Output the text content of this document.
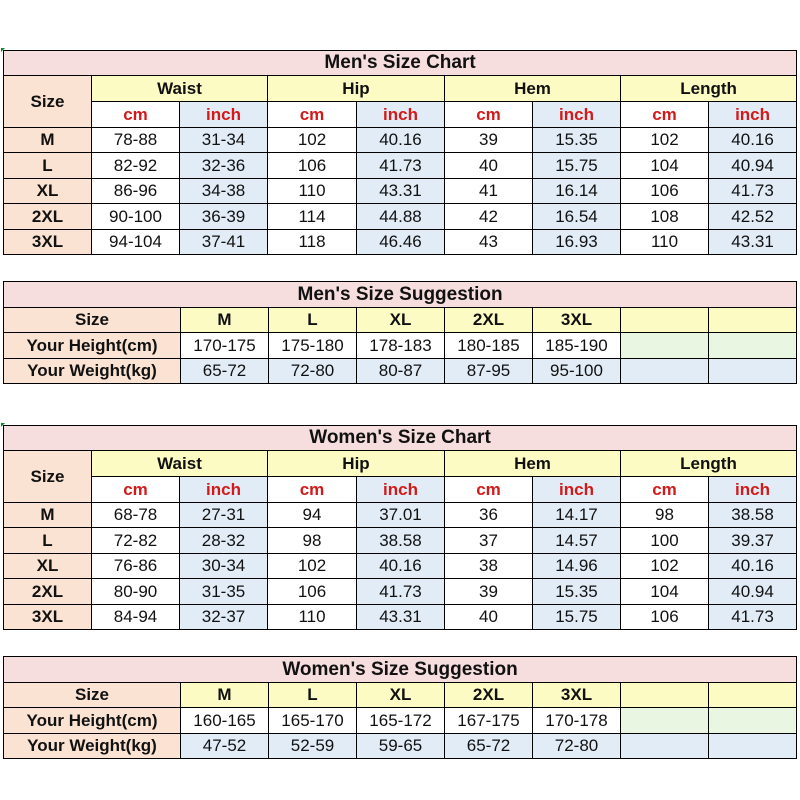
Men's Size Chart								
Size	Waist		Hip		Hem		Length	
	cm	inch	cm	inch	cm	inch	cm	inch
M	78-88	31-34	102	40.16	39	15.35	102	40.16
L	82-92	32-36	106	41.73	40	15.75	104	40.94
XL	86-96	34-38	110	43.31	41	16.14	106	41.73
2XL	90-100	36-39	114	44.88	42	16.54	108	42.52
3XL	94-104	37-41	118	46.46	43	16.93	110	43.31
Men's Size Suggestion							
Size	M	L	XL	2XL	3XL		
Your Height(cm)	170-175	175-180	178-183	180-185	185-190		
Your Weight(kg)	65-72	72-80	80-87	87-95	95-100		
Women's Size Chart								
Size	Waist		Hip		Hem		Length	
	cm	inch	cm	inch	cm	inch	cm	inch
M	68-78	27-31	94	37.01	36	14.17	98	38.58
L	72-82	28-32	98	38.58	37	14.57	100	39.37
XL	76-86	30-34	102	40.16	38	14.96	102	40.16
2XL	80-90	31-35	106	41.73	39	15.35	104	40.94
3XL	84-94	32-37	110	43.31	40	15.75	106	41.73
Women's Size Suggestion							
Size	M	L	XL	2XL	3XL		
Your Height(cm)	160-165	165-170	165-172	167-175	170-178		
Your Weight(kg)	47-52	52-59	59-65	65-72	72-80		
